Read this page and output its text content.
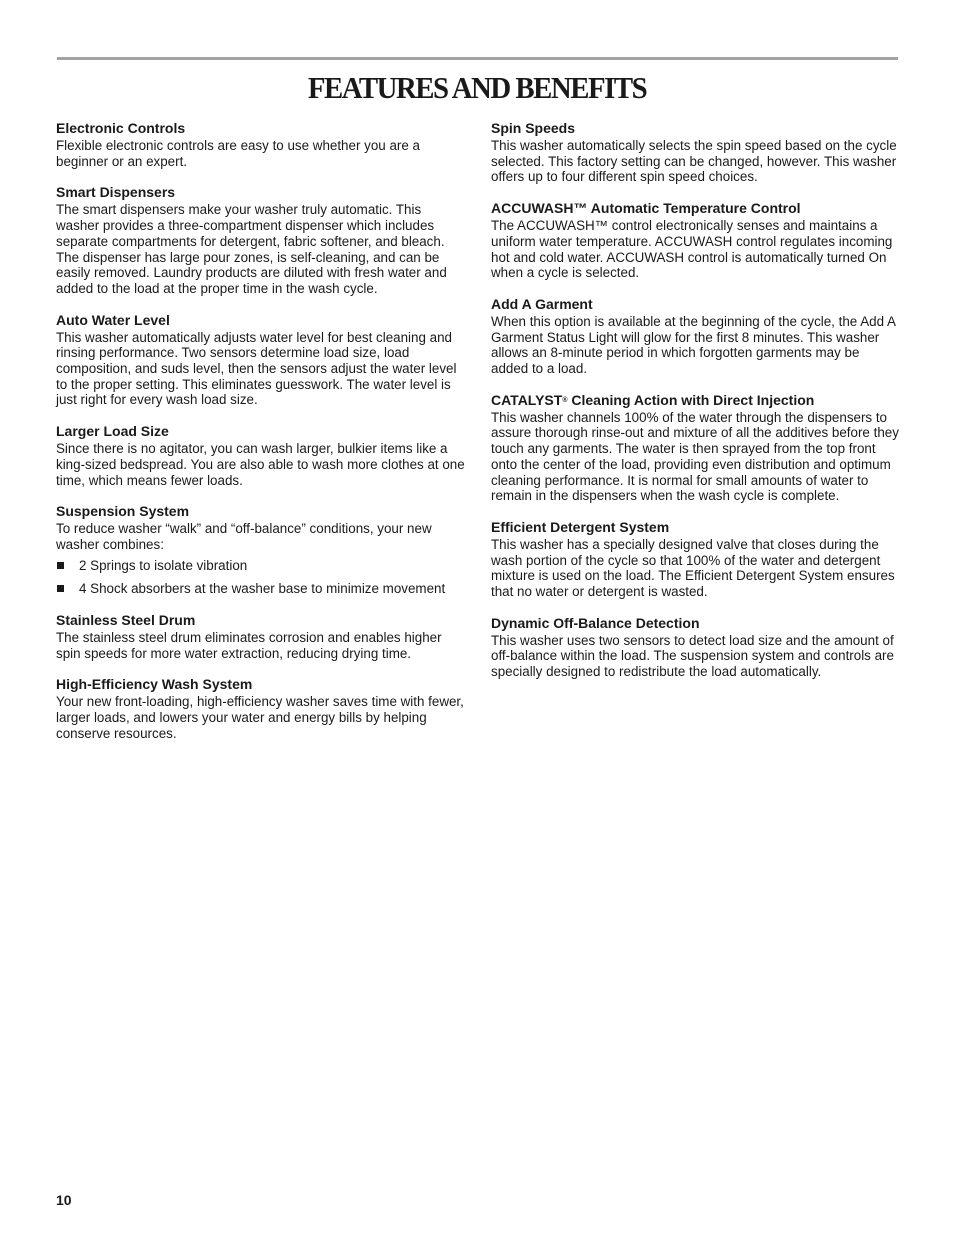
FEATURES AND BENEFITS
Electronic Controls

Flexible electronic controls are easy to use whether you are a beginner or an expert.

Smart Dispensers

The smart dispensers make your washer truly automatic. This washer provides a three-compartment dispenser which includes separate compartments for detergent, fabric softener, and bleach. The dispenser has large pour zones, is self-cleaning, and can be easily removed. Laundry products are diluted with fresh water and added to the load at the proper time in the wash cycle.

Auto Water Level

This washer automatically adjusts water level for best cleaning and rinsing performance. Two sensors determine load size, load composition, and suds level, then the sensors adjust the water level to the proper setting. This eliminates guesswork. The water level is just right for every wash load size.

Larger Load Size

Since there is no agitator, you can wash larger, bulkier items like a king-sized bedspread. You are also able to wash more clothes at one time, which means fewer loads.

Suspension System

To reduce washer “walk” and “off-balance” conditions, your new washer combines:

2 Springs to isolate vibration
4 Shock absorbers at the washer base to minimize movement
Stainless Steel Drum

The stainless steel drum eliminates corrosion and enables higher spin speeds for more water extraction, reducing drying time.

High-Efficiency Wash System

Your new front-loading, high-efficiency washer saves time with fewer, larger loads, and lowers your water and energy bills by helping conserve resources.

Spin Speeds

This washer automatically selects the spin speed based on the cycle selected. This factory setting can be changed, however. This washer offers up to four different spin speed choices.

ACCUWASH™ Automatic Temperature Control

The ACCUWASH™ control electronically senses and maintains a uniform water temperature. ACCUWASH control regulates incoming hot and cold water. ACCUWASH control is automatically turned On when a cycle is selected.

Add A Garment

When this option is available at the beginning of the cycle, the Add A Garment Status Light will glow for the first 8 minutes. This washer allows an 8-minute period in which forgotten garments may be added to a load.

CATALYST® Cleaning Action with Direct Injection

This washer channels 100% of the water through the dispensers to assure thorough rinse-out and mixture of all the additives before they touch any garments. The water is then sprayed from the top front onto the center of the load, providing even distribution and optimum cleaning performance. It is normal for small amounts of water to remain in the dispensers when the wash cycle is complete.

Efficient Detergent System

This washer has a specially designed valve that closes during the wash portion of the cycle so that 100% of the water and detergent mixture is used on the load. The Efficient Detergent System ensures that no water or detergent is wasted.

Dynamic Off-Balance Detection

This washer uses two sensors to detect load size and the amount of off-balance within the load. The suspension system and controls are specially designed to redistribute the load automatically.

10
